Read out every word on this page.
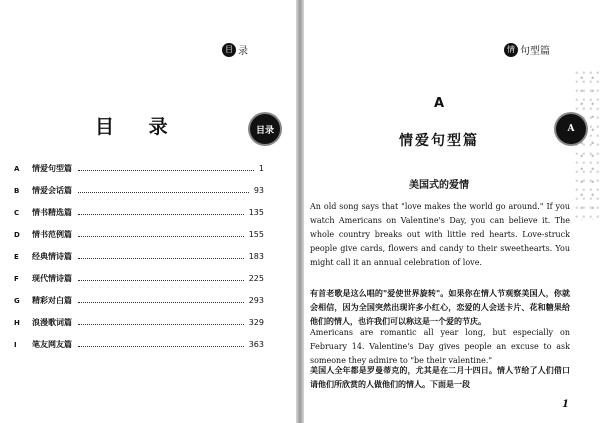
目 录
目 录	目录
A	情爱句型篇	1
B	情爱会话篇	93
C	情书精选篇	135
D	情书范例篇	155
E	经典情诗篇	183
F	现代情诗篇	225
G	精彩对白篇	293
H	浪漫歌词篇	329
I	笔友网友篇	363
情 句型篇
A
A
情爱句型篇
美国式的爱情

An old song says that "love makes the world go around." If you watch Americans on Valentine's Day, you can believe it. The whole country breaks out with little red hearts. Love-struck people give cards, flowers and candy to their sweethearts. You might call it an annual celebration of love.

有首老歌是这么唱的"爱使世界旋转"。如果你在情人节观察美国人，你就会相信，因为全国突然出现许多小红心，恋爱的人会送卡片、花和糖果给他们的情人，也许我们可以称这是一个爱的节庆。

Americans are romantic all year long, but especially on February 14. Valentine's Day gives people an excuse to ask someone they admire to "be their valentine."

美国人全年都是罗曼蒂克的，尤其是在二月十四日。情人节给了人们借口请他们所欣赏的人做他们的情人。下面是一段

1
